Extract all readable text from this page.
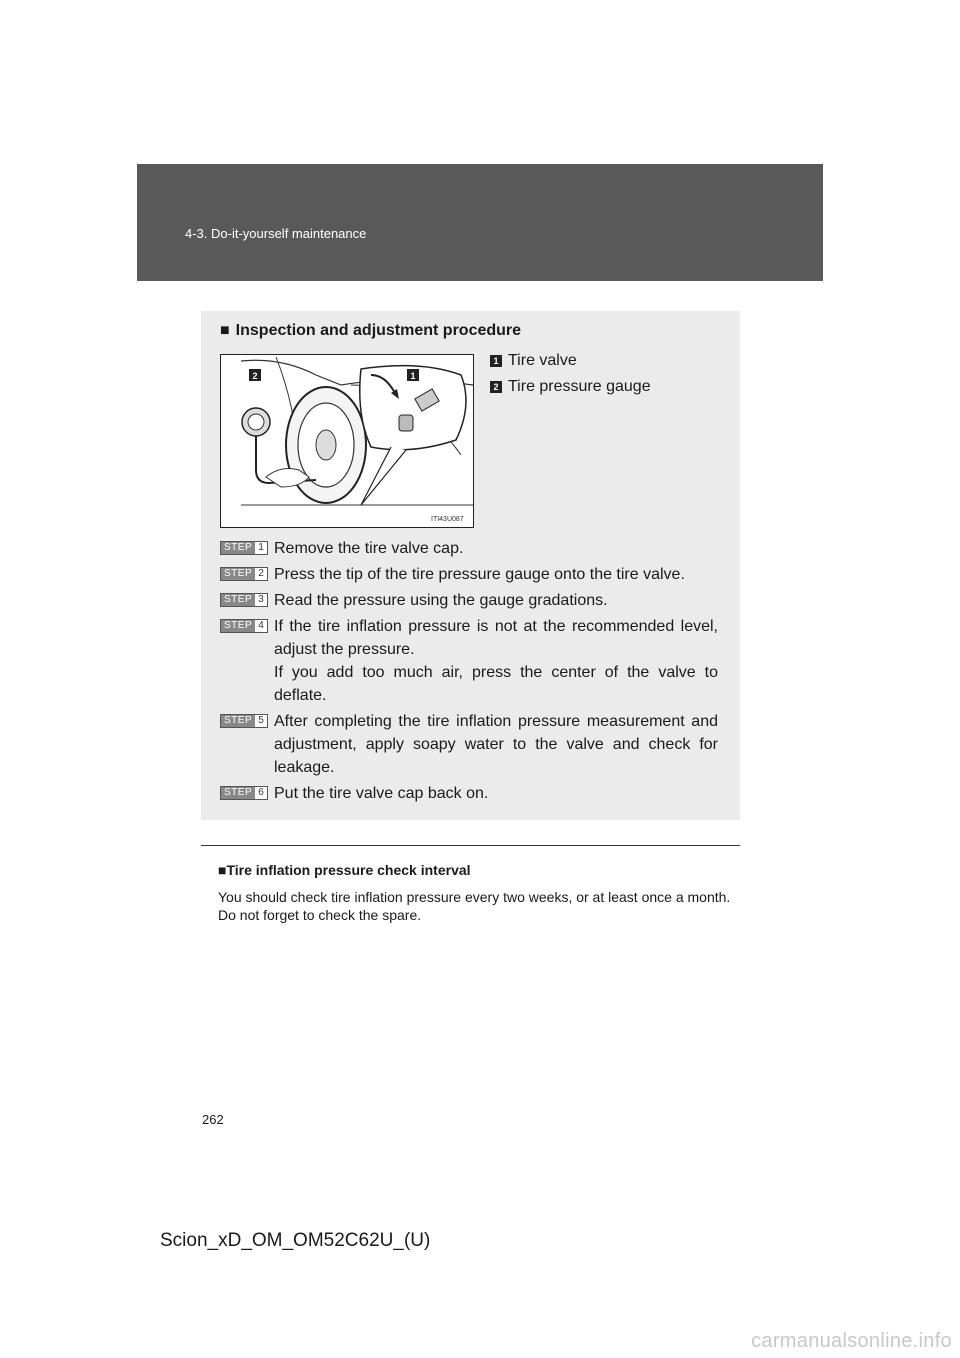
4-3. Do-it-yourself maintenance
■ Inspection and adjustment procedure
2	1
ITI43U087
1 Tire valve
2 Tire pressure gauge
STEP 1 Remove the tire valve cap.
STEP 2 Press the tip of the tire pressure gauge onto the tire valve.
STEP 3 Read the pressure using the gauge gradations.
STEP 4 If the tire inflation pressure is not at the recommended level, adjust the pressure.
If you add too much air, press the center of the valve to deflate.
STEP 5 After completing the tire inflation pressure measurement and adjustment, apply soapy water to the valve and check for leakage.
STEP 6 Put the tire valve cap back on.
■Tire inflation pressure check interval
You should check tire inflation pressure every two weeks, or at least once a month.
Do not forget to check the spare.
262
Scion_xD_OM_OM52C62U_(U)
carmanualsonline.info
